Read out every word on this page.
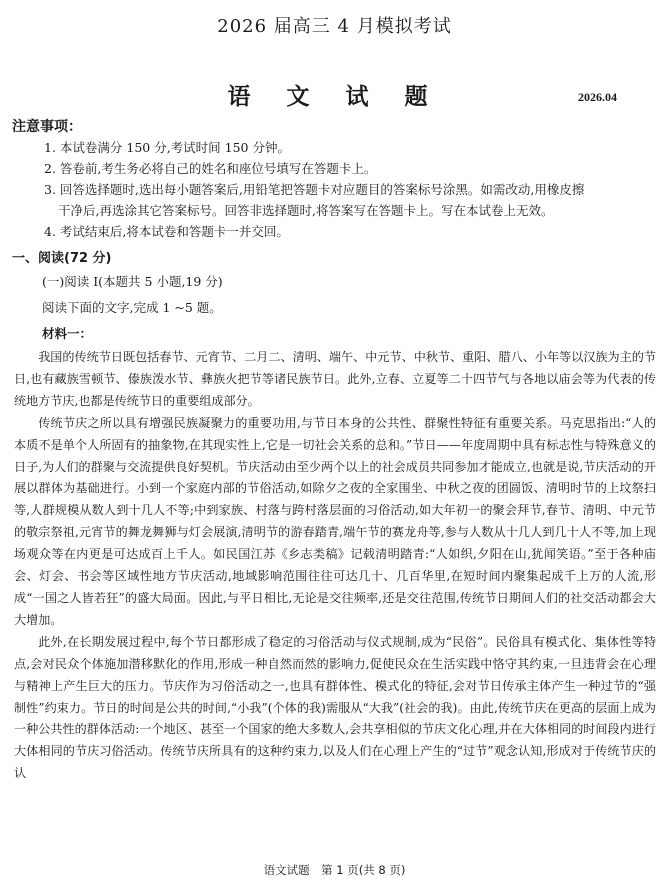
2026 届高三 4 月模拟考试
语 文 试 题	2026.04
注意事项：

1. 本试卷满分 150 分,考试时间 150 分钟。

2. 答卷前,考生务必将自己的姓名和座位号填写在答题卡上。

3. 回答选择题时,选出每小题答案后,用铅笔把答题卡对应题目的答案标号涂黑。如需改动,用橡皮擦

干净后,再选涂其它答案标号。回答非选择题时,将答案写在答题卡上。写在本试卷上无效。

4. 考试结束后,将本试卷和答题卡一并交回。

一、阅读(72 分)
(一)阅读 I(本题共 5 小题,19 分)
阅读下面的文字,完成 1 ~5 题。
材料一：

我国的传统节日既包括春节、元宵节、二月二、清明、端午、中元节、中秋节、重阳、腊八、小年等以汉族为主的节日,也有藏族雪顿节、傣族泼水节、彝族火把节等诸民族节日。此外,立春、立夏等二十四节气与各地以庙会等为代表的传统地方节庆,也都是传统节日的重要组成部分。

传统节庆之所以具有增强民族凝聚力的重要功用,与节日本身的公共性、群聚性特征有重要关系。马克思指出:“人的本质不是单个人所固有的抽象物,在其现实性上,它是一切社会关系的总和。”节日——年度周期中具有标志性与特殊意义的日子,为人们的群聚与交流提供良好契机。节庆活动由至少两个以上的社会成员共同参加才能成立,也就是说,节庆活动的开展以群体为基础进行。小到一个家庭内部的节俗活动,如除夕之夜的全家围坐、中秋之夜的团圆饭、清明时节的上坟祭扫等,人群规模从数人到十几人不等;中到家族、村落与跨村落层面的习俗活动,如大年初一的聚会拜节,春节、清明、中元节的敬宗祭祖,元宵节的舞龙舞狮与灯会展演,清明节的游春踏青,端午节的赛龙舟等,参与人数从十几人到几十人不等,加上现场观众等在内更是可达成百上千人。如民国江苏《乡志类稿》记载清明踏青:“人如织,夕阳在山,犹闻笑语。”至于各种庙会、灯会、书会等区域性地方节庆活动,地域影响范围往往可达几十、几百华里,在短时间内聚集起成千上万的人流,形成“一国之人皆若狂”的盛大局面。因此,与平日相比,无论是交往频率,还是交往范围,传统节日期间人们的社交活动都会大大增加。

此外,在长期发展过程中,每个节日都形成了稳定的习俗活动与仪式规制,成为“民俗”。民俗具有模式化、集体性等特点,会对民众个体施加潜移默化的作用,形成一种自然而然的影响力,促使民众在生活实践中恪守其约束,一旦违背会在心理与精神上产生巨大的压力。节庆作为习俗活动之一,也具有群体性、模式化的特征,会对节日传承主体产生一种过节的“强制性”约束力。节日的时间是公共的时间,“小我”(个体的我)需服从“大我”(社会的我)。由此,传统节庆在更高的层面上成为一种公共性的群体活动:一个地区、甚至一个国家的绝大多数人,会共享相似的节庆文化心理,并在大体相同的时间段内进行大体相同的节庆习俗活动。传统节庆所具有的这种约束力,以及人们在心理上产生的“过节”观念认知,形成对于传统节庆的认

语文试题　第 1 页(共 8 页)
